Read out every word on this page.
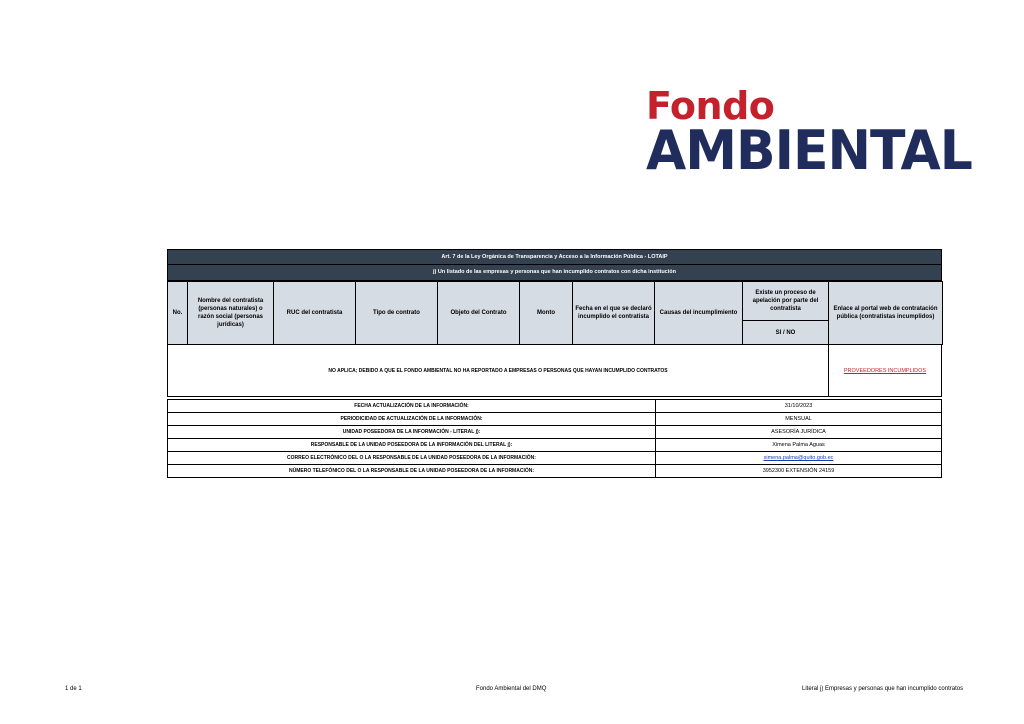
Fondo
AMBIENTAL
Art. 7 de la Ley Orgánica de Transparencia y Acceso a la Información Pública - LOTAIP
j) Un listado de las empresas y personas que han incumplido contratos con dicha institución
No.	Nombre del contratista (personas naturales) o razón social (personas jurídicas)	RUC del contratista	Tipo de contrato	Objeto del Contrato	Monto	Fecha en el que se declaró incumplido el contratista	Causas del incumplimiento	Existe un proceso de apelación por parte del contratista	Enlace al portal web de contratación pública (contratistas incumplidos)
SI / NO
NO APLICA; DEBIDO A QUE EL FONDO AMBIENTAL NO HA REPORTADO A EMPRESAS O PERSONAS QUE HAYAN INCUMPLIDO CONTRATOS	PROVEEDORES INCUMPLIDOS
FECHA ACTUALIZACIÓN DE LA INFORMACIÓN:	31/10/2023
PERIODICIDAD DE ACTUALIZACIÓN DE LA INFORMACIÓN:	MENSUAL
UNIDAD POSEEDORA DE LA INFORMACIÓN - LITERAL j):	ASESORÍA JURÍDICA
RESPONSABLE DE LA UNIDAD POSEEDORA DE LA INFORMACIÓN DEL LITERAL j):	Ximena Palma Aguas
CORREO ELECTRÓNICO DEL O LA RESPONSABLE DE LA UNIDAD POSEEDORA DE LA INFORMACIÓN:	ximena.palma@quito.gob.ec
NÚMERO TELEFÓNICO DEL O LA RESPONSABLE DE LA UNIDAD POSEEDORA DE LA INFORMACIÓN:	3952300 EXTENSIÓN 24159
1 de 1	Fondo Ambiental del DMQ	Literal j) Empresas y personas que han incumplido contratos
